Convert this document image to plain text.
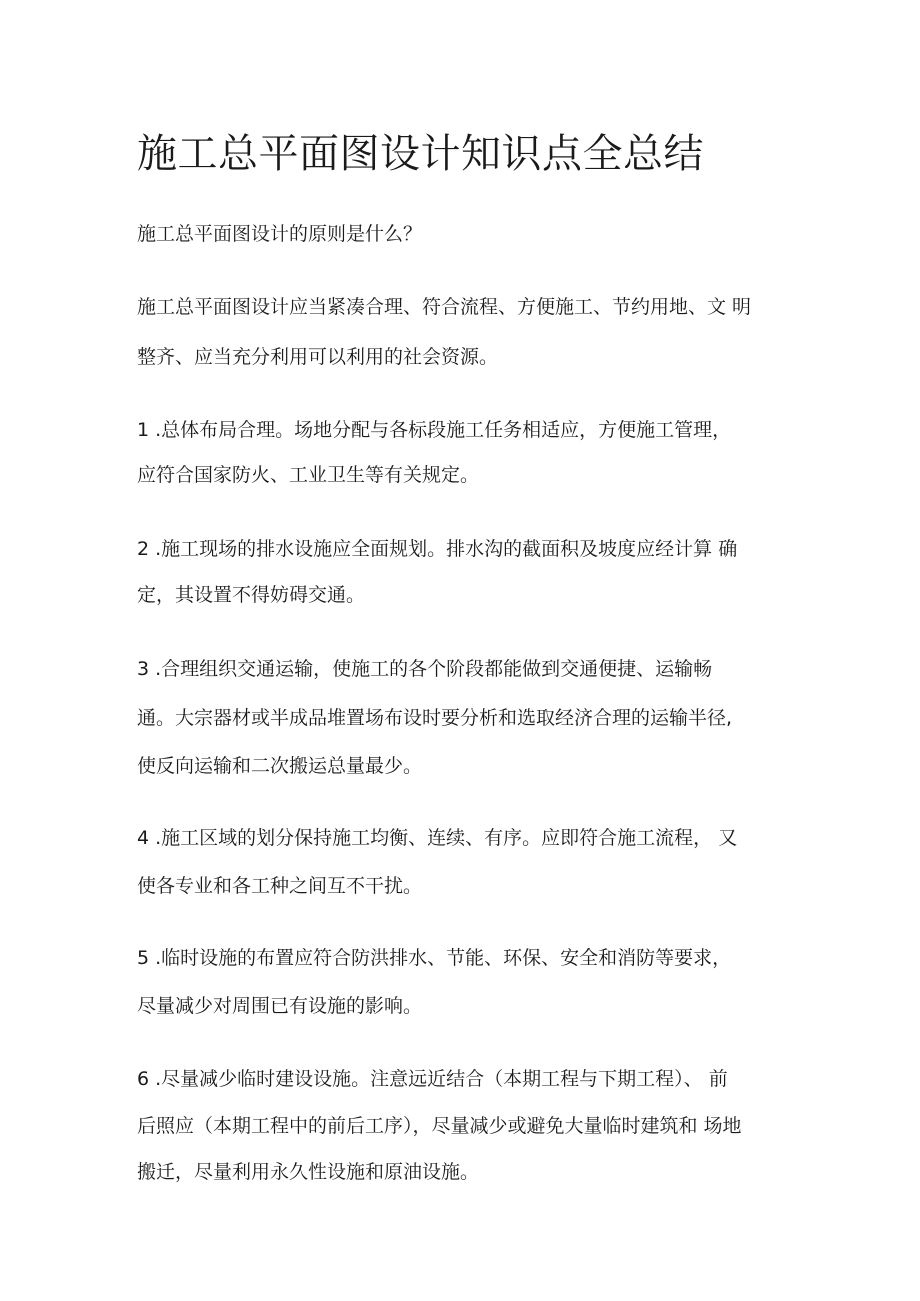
施工总平面图设计知识点全总结

施工总平面图设计的原则是什么？

施工总平面图设计应当紧凑合理、符合流程、方便施工、节约用地、文 明

整齐、应当充分利用可以利用的社会资源。

1 .总体布局合理。场地分配与各标段施工任务相适应，方便施工管理，

应符合国家防火、工业卫生等有关规定。

2 .施工现场的排水设施应全面规划。排水沟的截面积及坡度应经计算 确

定，其设置不得妨碍交通。

3 .合理组织交通运输，使施工的各个阶段都能做到交通便捷、运输畅

通。大宗器材或半成品堆置场布设时要分析和选取经济合理的运输半径,

使反向运输和二次搬运总量最少。

4 .施工区域的划分保持施工均衡、连续、有序。应即符合施工流程， 又

使各专业和各工种之间互不干扰。

5 .临时设施的布置应符合防洪排水、节能、环保、安全和消防等要求，

尽量减少对周围已有设施的影响。

6 .尽量减少临时建设设施。注意远近结合（本期工程与下期工程）、 前

后照应（本期工程中的前后工序），尽量减少或避免大量临时建筑和 场地

搬迁，尽量利用永久性设施和原油设施。
